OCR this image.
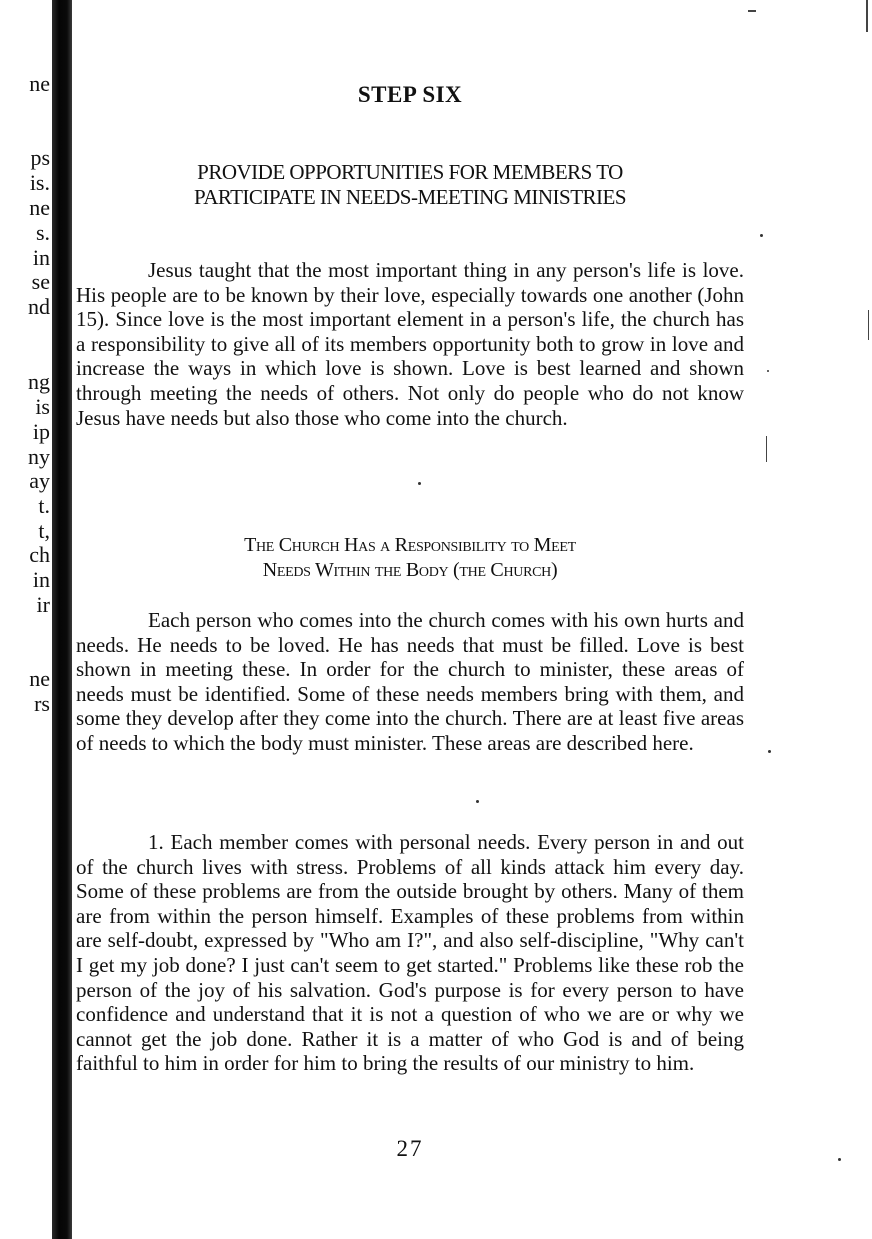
ne
ps
is.
ne
s.
in
se
nd
ng
is
ip
ny
ay
t.
t,
ch
in
ir
ne
rs
STEP SIX
PROVIDE OPPORTUNITIES FOR MEMBERS TO
PARTICIPATE IN NEEDS-MEETING MINISTRIES

Jesus taught that the most important thing in any person's life is love. His people are to be known by their love, especially towards one another (John 15). Since love is the most important element in a person's life, the church has a responsibility to give all of its members opportunity both to grow in love and increase the ways in which love is shown. Love is best learned and shown through meeting the needs of others. Not only do people who do not know Jesus have needs but also those who come into the church.

The Church Has a Responsibility to Meet
Needs Within the Body (the Church)

Each person who comes into the church comes with his own hurts and needs. He needs to be loved. He has needs that must be filled. Love is best shown in meeting these. In order for the church to minister, these areas of needs must be identified. Some of these needs members bring with them, and some they develop after they come into the church. There are at least five areas of needs to which the body must minister. These areas are described here.

1. Each member comes with personal needs. Every person in and out of the church lives with stress. Problems of all kinds attack him every day. Some of these problems are from the outside brought by others. Many of them are from within the person himself. Examples of these problems from within are self-doubt, expressed by "Who am I?", and also self-discipline, "Why can't I get my job done? I just can't seem to get started." Problems like these rob the person of the joy of his salvation. God's purpose is for every person to have confidence and understand that it is not a question of who we are or why we cannot get the job done. Rather it is a matter of who God is and of being faithful to him in order for him to bring the results of our ministry to him.

27
